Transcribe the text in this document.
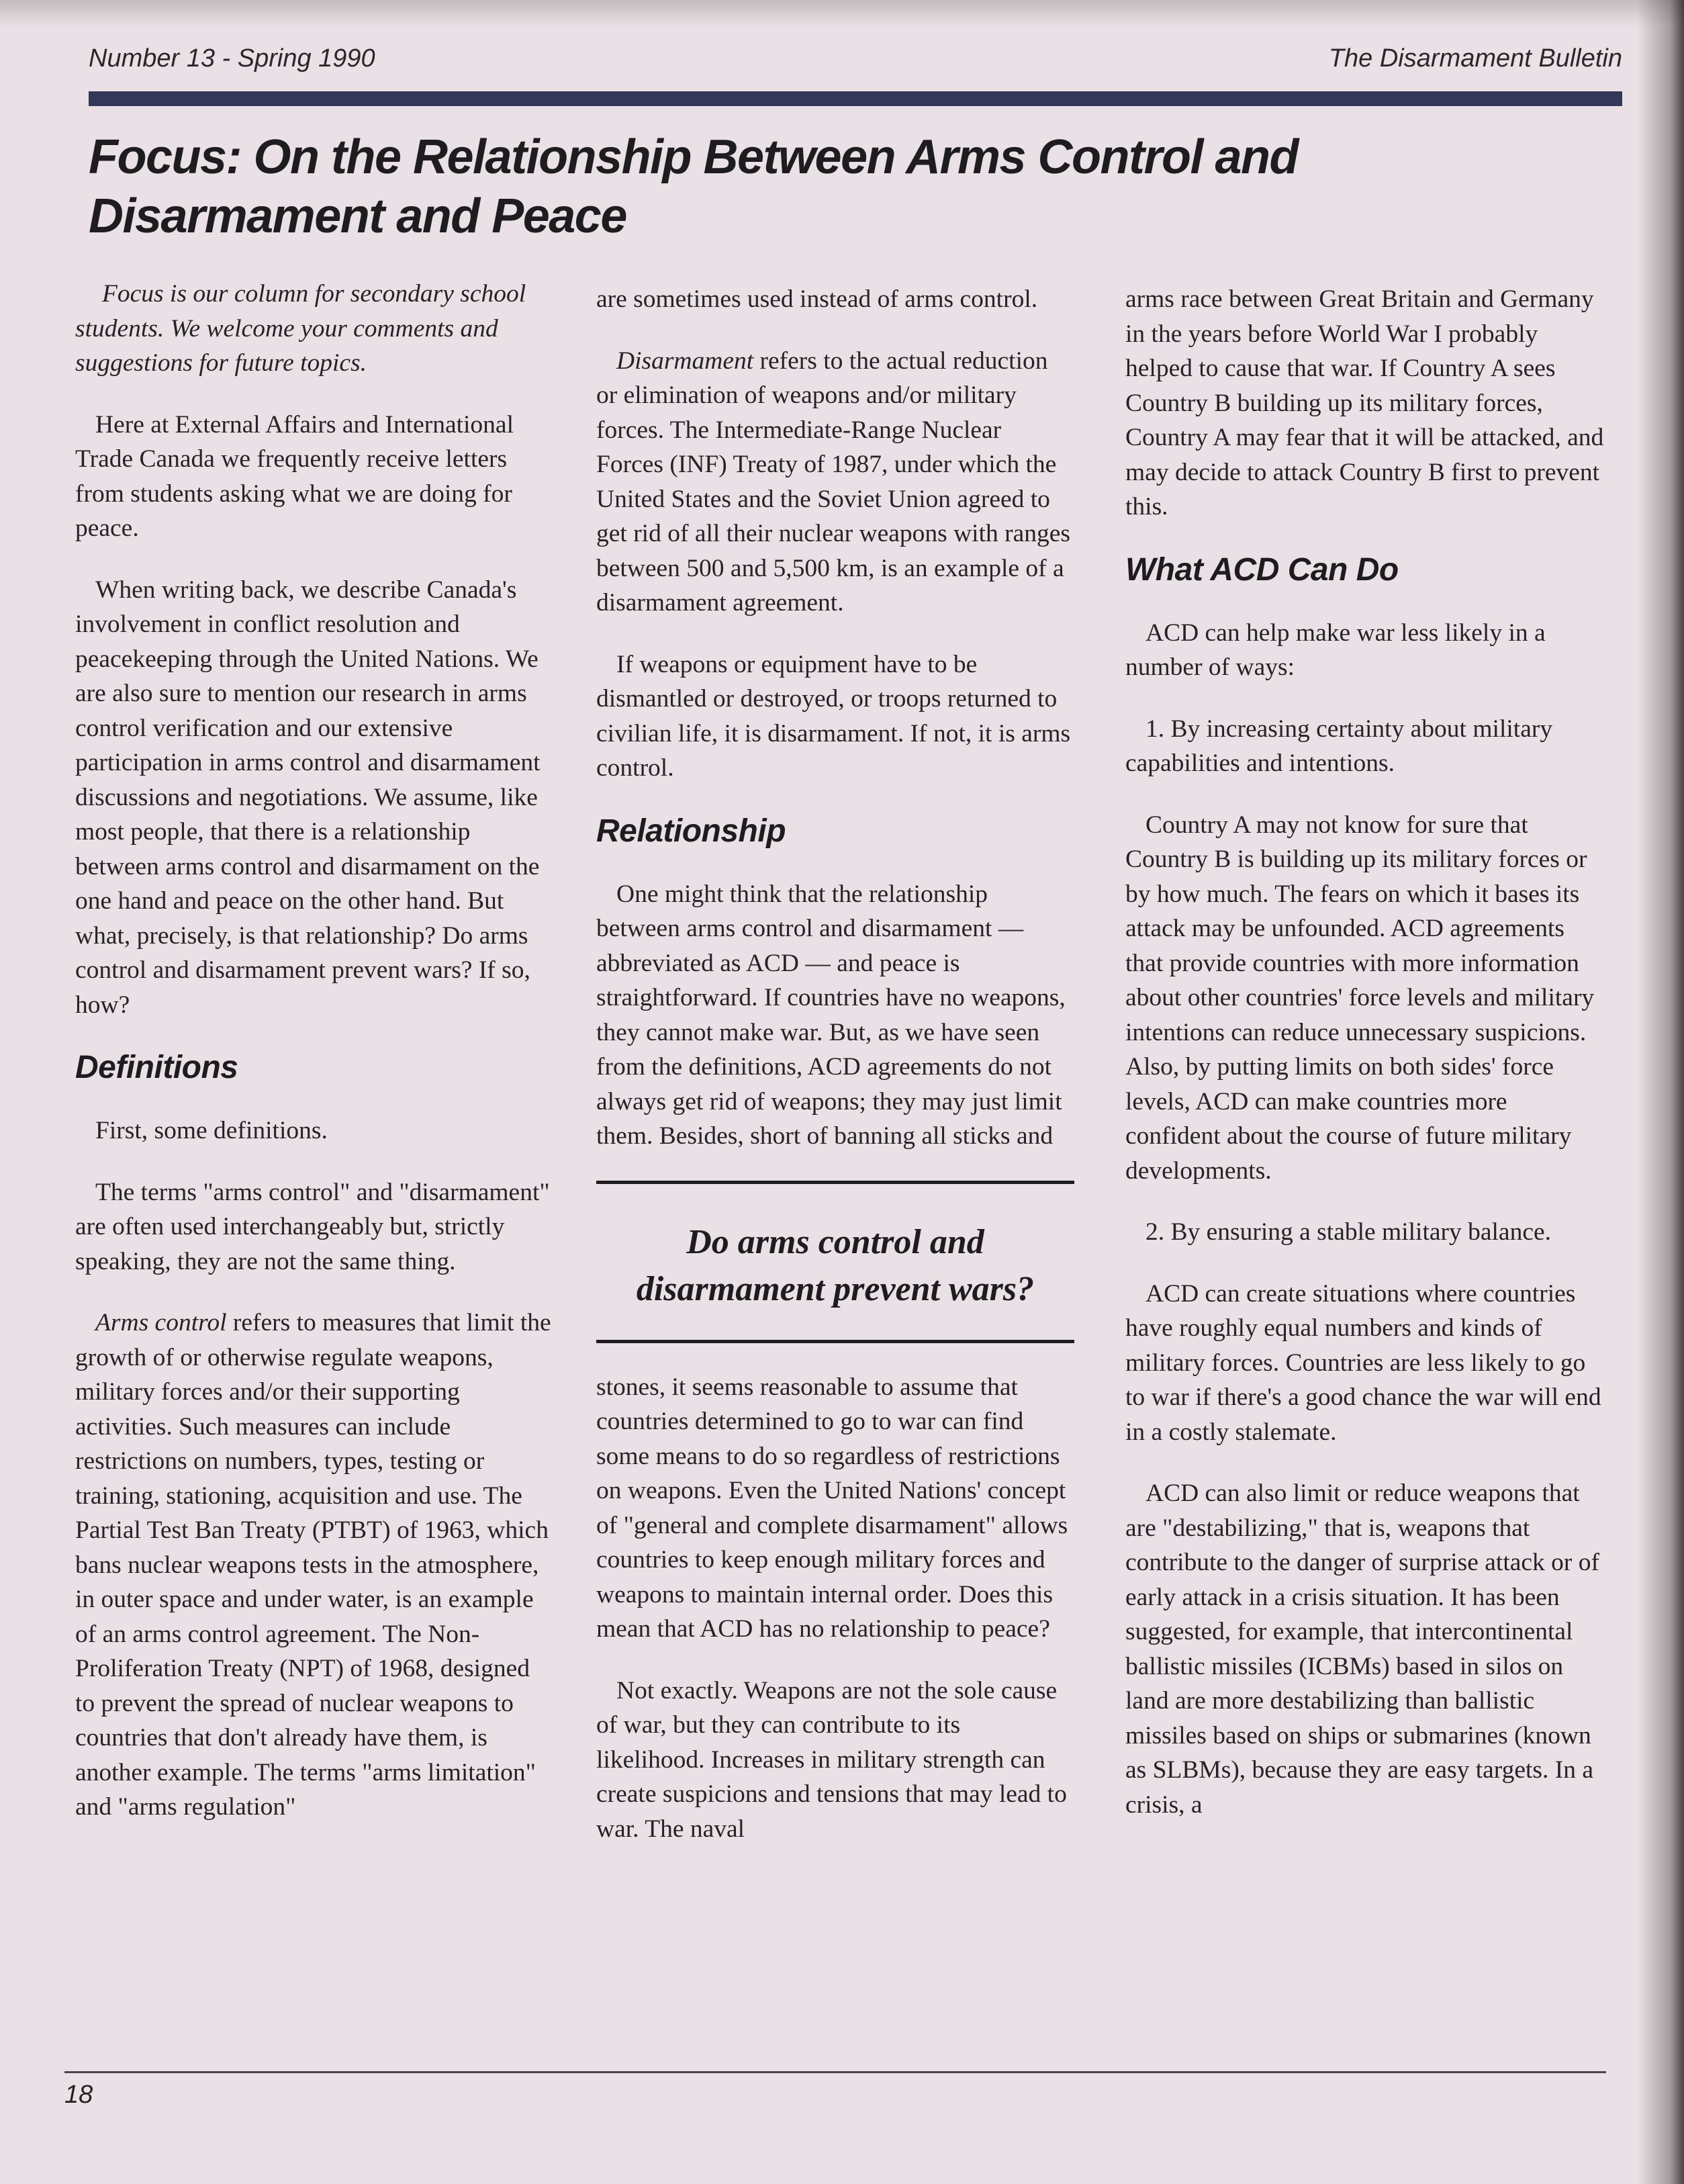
Number 13 - Spring 1990	The Disarmament Bulletin
Focus: On the Relationship Between Arms Control and Disarmament and Peace

Focus is our column for secondary school students. We welcome your comments and suggestions for future topics.

Here at External Affairs and International Trade Canada we frequently receive letters from students asking what we are doing for peace.

When writing back, we describe Canada's involvement in conflict resolution and peacekeeping through the United Nations. We are also sure to mention our research in arms control verification and our extensive participation in arms control and disarmament discussions and negotiations. We assume, like most people, that there is a relationship between arms control and disarmament on the one hand and peace on the other hand. But what, precisely, is that relationship? Do arms control and disarmament prevent wars? If so, how?

Definitions

First, some definitions.

The terms "arms control" and "disarmament" are often used interchangeably but, strictly speaking, they are not the same thing.

Arms control refers to measures that limit the growth of or otherwise regulate weapons, military forces and/or their supporting activities. Such measures can include restrictions on numbers, types, testing or training, stationing, acquisition and use. The Partial Test Ban Treaty (PTBT) of 1963, which bans nuclear weapons tests in the atmosphere, in outer space and under water, is an example of an arms control agreement. The Non-Proliferation Treaty (NPT) of 1968, designed to prevent the spread of nuclear weapons to countries that don't already have them, is another example. The terms "arms limitation" and "arms regulation"

are sometimes used instead of arms control.

Disarmament refers to the actual reduction or elimination of weapons and/or military forces. The Intermediate-Range Nuclear Forces (INF) Treaty of 1987, under which the United States and the Soviet Union agreed to get rid of all their nuclear weapons with ranges between 500 and 5,500 km, is an example of a disarmament agreement.

If weapons or equipment have to be dismantled or destroyed, or troops returned to civilian life, it is disarmament. If not, it is arms control.

Relationship

One might think that the relationship between arms control and disarmament — abbreviated as ACD — and peace is straightforward. If countries have no weapons, they cannot make war. But, as we have seen from the definitions, ACD agreements do not always get rid of weapons; they may just limit them. Besides, short of banning all sticks and

Do arms control and disarmament prevent wars?

stones, it seems reasonable to assume that countries determined to go to war can find some means to do so regardless of restrictions on weapons. Even the United Nations' concept of "general and complete disarmament" allows countries to keep enough military forces and weapons to maintain internal order. Does this mean that ACD has no relationship to peace?

Not exactly. Weapons are not the sole cause of war, but they can contribute to its likelihood. Increases in military strength can create suspicions and tensions that may lead to war. The naval

arms race between Great Britain and Germany in the years before World War I probably helped to cause that war. If Country A sees Country B building up its military forces, Country A may fear that it will be attacked, and may decide to attack Country B first to prevent this.

What ACD Can Do

ACD can help make war less likely in a number of ways:

1. By increasing certainty about military capabilities and intentions.

Country A may not know for sure that Country B is building up its military forces or by how much. The fears on which it bases its attack may be unfounded. ACD agreements that provide countries with more information about other countries' force levels and military intentions can reduce unnecessary suspicions. Also, by putting limits on both sides' force levels, ACD can make countries more confident about the course of future military developments.

2. By ensuring a stable military balance.

ACD can create situations where countries have roughly equal numbers and kinds of military forces. Countries are less likely to go to war if there's a good chance the war will end in a costly stalemate.

ACD can also limit or reduce weapons that are "destabilizing," that is, weapons that contribute to the danger of surprise attack or of early attack in a crisis situation. It has been suggested, for example, that intercontinental ballistic missiles (ICBMs) based in silos on land are more destabilizing than ballistic missiles based on ships or submarines (known as SLBMs), because they are easy targets. In a crisis, a

18
